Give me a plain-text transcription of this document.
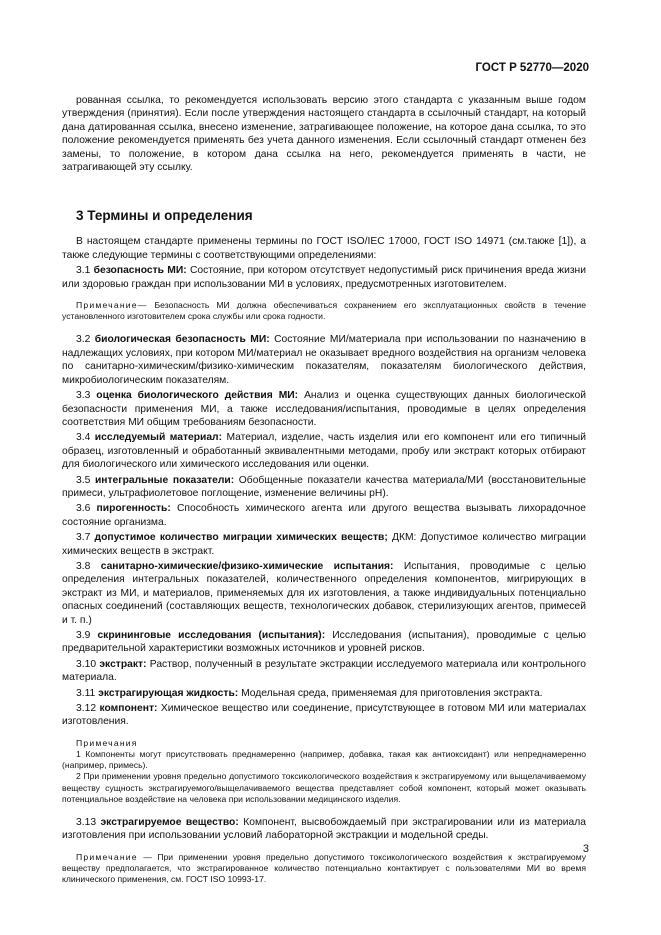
ГОСТ Р 52770—2020

рованная ссылка, то рекомендуется использовать версию этого стандарта с указанным выше годом утверждения (принятия). Если после утверждения настоящего стандарта в ссылочный стандарт, на который дана датированная ссылка, внесено изменение, затрагивающее положение, на которое дана ссылка, то это положение рекомендуется применять без учета данного изменения. Если ссылочный стандарт отменен без замены, то положение, в котором дана ссылка на него, рекомендуется применять в части, не затрагивающей эту ссылку.

3 Термины и определения

В настоящем стандарте применены термины по ГОСТ ISO/IEC 17000, ГОСТ ISO 14971 (см.также [1]), а также следующие термины с соответствующими определениями:

3.1 безопасность МИ: Состояние, при котором отсутствует недопустимый риск причинения вреда жизни или здоровью граждан при использовании МИ в условиях, предусмотренных изготовителем.

Примечание— Безопасность МИ должна обеспечиваться сохранением его эксплуатационных свойств в течение установленного изготовителем срока службы или срока годности.

3.2 биологическая безопасность МИ: Состояние МИ/материала при использовании по назначению в надлежащих условиях, при котором МИ/материал не оказывает вредного воздействия на организм человека по санитарно-химическим/физико-химическим показателям, показателям биологического действия, микробиологическим показателям.

3.3 оценка биологического действия МИ: Анализ и оценка существующих данных биологической безопасности применения МИ, а также исследования/испытания, проводимые в целях определения соответствия МИ общим требованиям безопасности.

3.4 исследуемый материал: Материал, изделие, часть изделия или его компонент или его типичный образец, изготовленный и обработанный эквивалентными методами, пробу или экстракт которых отбирают для биологического или химического исследования или оценки.

3.5 интегральные показатели: Обобщенные показатели качества материала/МИ (восстановительные примеси, ультрафиолетовое поглощение, изменение величины pH).

3.6 пирогенность: Способность химического агента или другого вещества вызывать лихорадочное состояние организма.

3.7 допустимое количество миграции химических веществ; ДКМ: Допустимое количество миграции химических веществ в экстракт.

3.8 санитарно-химические/физико-химические испытания: Испытания, проводимые с целью определения интегральных показателей, количественного определения компонентов, мигрирующих в экстракт из МИ, и материалов, применяемых для их изготовления, а также индивидуальных потенциально опасных соединений (составляющих веществ, технологических добавок, стерилизующих агентов, примесей и т. п.)

3.9 скрининговые исследования (испытания): Исследования (испытания), проводимые с целью предварительной характеристики возможных источников и уровней рисков.

3.10 экстракт: Раствор, полученный в результате экстракции исследуемого материала или контрольного материала.

3.11 экстрагирующая жидкость: Модельная среда, применяемая для приготовления экстракта.

3.12 компонент: Химическое вещество или соединение, присутствующее в готовом МИ или материалах изготовления.

Примечания

1 Компоненты могут присутствовать преднамеренно (например, добавка, такая как антиоксидант) или непреднамеренно (например, примесь).

2 При применении уровня предельно допустимого токсикологического воздействия к экстрагируемому или выщелачиваемому веществу сущность экстрагируемого/выщелачиваемого вещества представляет собой компонент, который может оказывать потенциальное воздействие на человека при использовании медицинского изделия.

3.13 экстрагируемое вещество: Компонент, высвобождаемый при экстрагировании или из материала изготовления при использовании условий лабораторной экстракции и модельной среды.

Примечание — При применении уровня предельно допустимого токсикологического воздействия к экстрагируемому веществу предполагается, что экстрагированное количество потенциально контактирует с пользователями МИ во время клинического применения, см. ГОСТ ISO 10993-17.

3
